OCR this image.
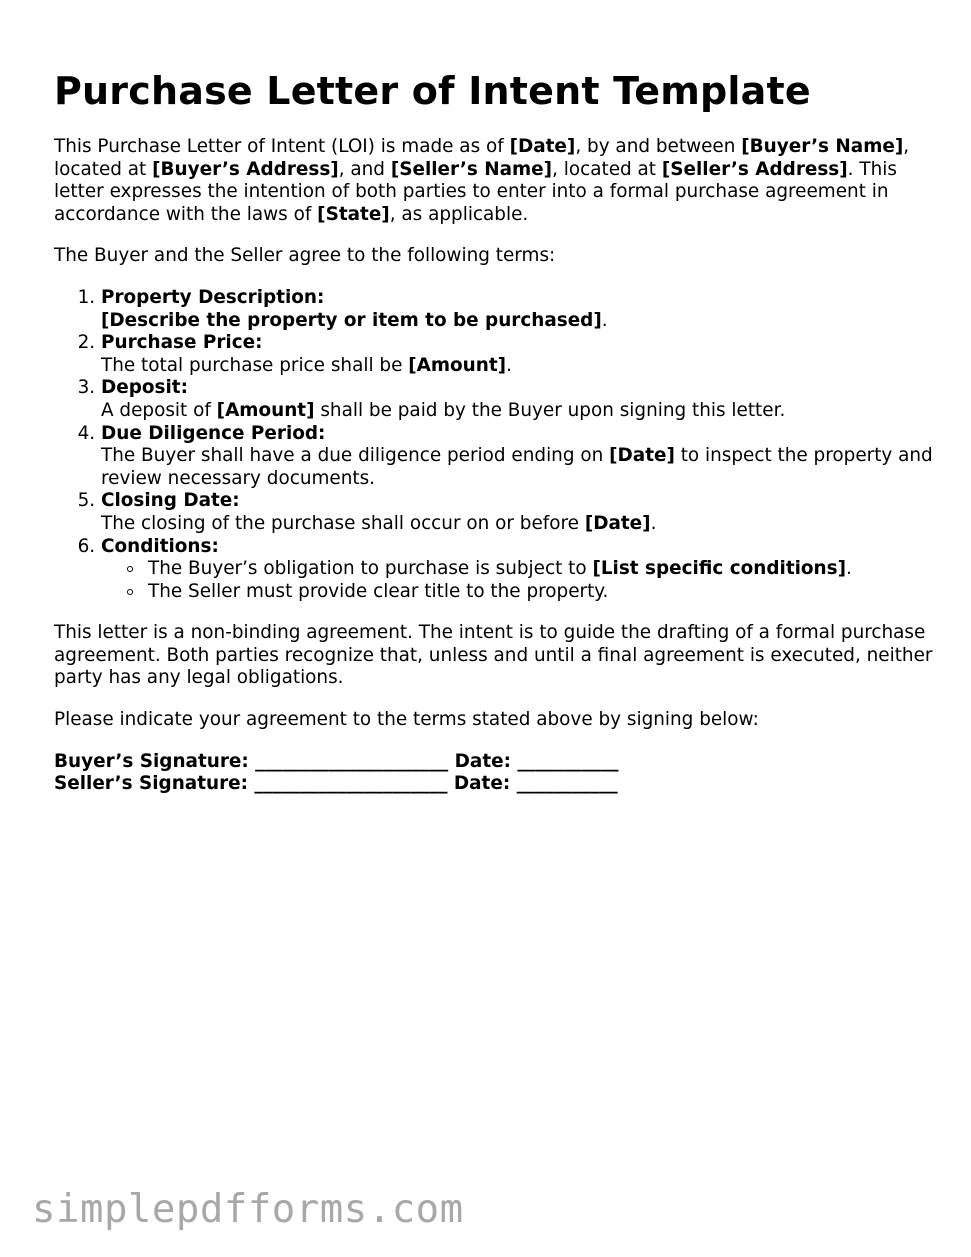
Purchase Letter of Intent Template

This Purchase Letter of Intent (LOI) is made as of [Date], by and between [Buyer’s Name], located at [Buyer’s Address], and [Seller’s Name], located at [Seller’s Address]. This letter expresses the intention of both parties to enter into a formal purchase agreement in accordance with the laws of [State], as applicable.

The Buyer and the Seller agree to the following terms:

1. Property Description:
[Describe the property or item to be purchased].
2. Purchase Price:
The total purchase price shall be [Amount].
3. Deposit:
A deposit of [Amount] shall be paid by the Buyer upon signing this letter.
4. Due Diligence Period:
The Buyer shall have a due diligence period ending on [Date] to inspect the property and review necessary documents.
5. Closing Date:
The closing of the purchase shall occur on or before [Date].
6. Conditions:
The Buyer’s obligation to purchase is subject to [List specific conditions].
The Seller must provide clear title to the property.

This letter is a non-binding agreement. The intent is to guide the drafting of a formal purchase agreement. Both parties recognize that, unless and until a final agreement is executed, neither party has any legal obligations.

Please indicate your agreement to the terms stated above by signing below:

Buyer’s Signature: _____________________ Date: ___________
Seller’s Signature: _____________________ Date: ___________
simplepdfforms.com
